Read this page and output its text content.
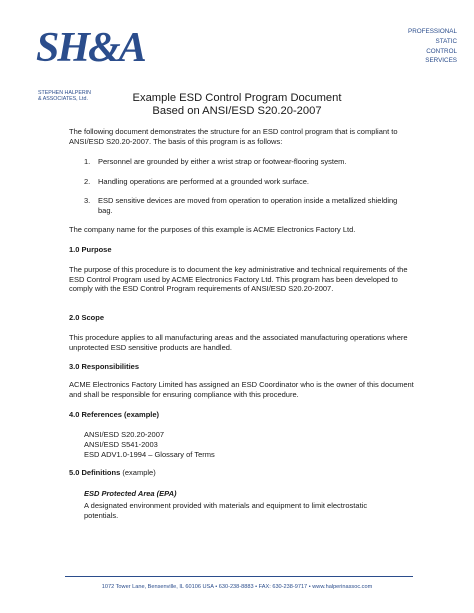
SH&A
STEPHEN HALPERIN
& ASSOCIATES, Ltd.
PROFESSIONAL
STATIC
CONTROL
SERVICES
Example ESD Control Program Document
Based on ANSI/ESD S20.20-2007
The following document demonstrates the structure for an ESD control program that is compliant to ANSI/ESD S20.20-2007. The basis of this program is as follows:
1. Personnel are grounded by either a wrist strap or footwear-flooring system.
2. Handling operations are performed at a grounded work surface.
3. ESD sensitive devices are moved from operation to operation inside a metallized shielding bag.
The company name for the purposes of this example is ACME Electronics Factory Ltd.
1.0 Purpose
The purpose of this procedure is to document the key administrative and technical requirements of the ESD Control Program used by ACME Electronics Factory Ltd. This program has been developed to comply with the ESD Control Program requirements of ANSI/ESD S20.20-2007.
2.0 Scope
This procedure applies to all manufacturing areas and the associated manufacturing operations where unprotected ESD sensitive products are handled.
3.0 Responsibilities
ACME Electronics Factory Limited has assigned an ESD Coordinator who is the owner of this document and shall be responsible for ensuring compliance with this procedure.
4.0 References (example)
ANSI/ESD S20.20-2007
ANSI/ESD S541-2003
ESD ADV1.0-1994 – Glossary of Terms
5.0 Definitions (example)
ESD Protected Area (EPA)
A designated environment provided with materials and equipment to limit electrostatic potentials.
1072 Tower Lane, Bensenville, IL 60106 USA • 630-238-8883 • FAX: 630-238-9717 • www.halperinassoc.com
